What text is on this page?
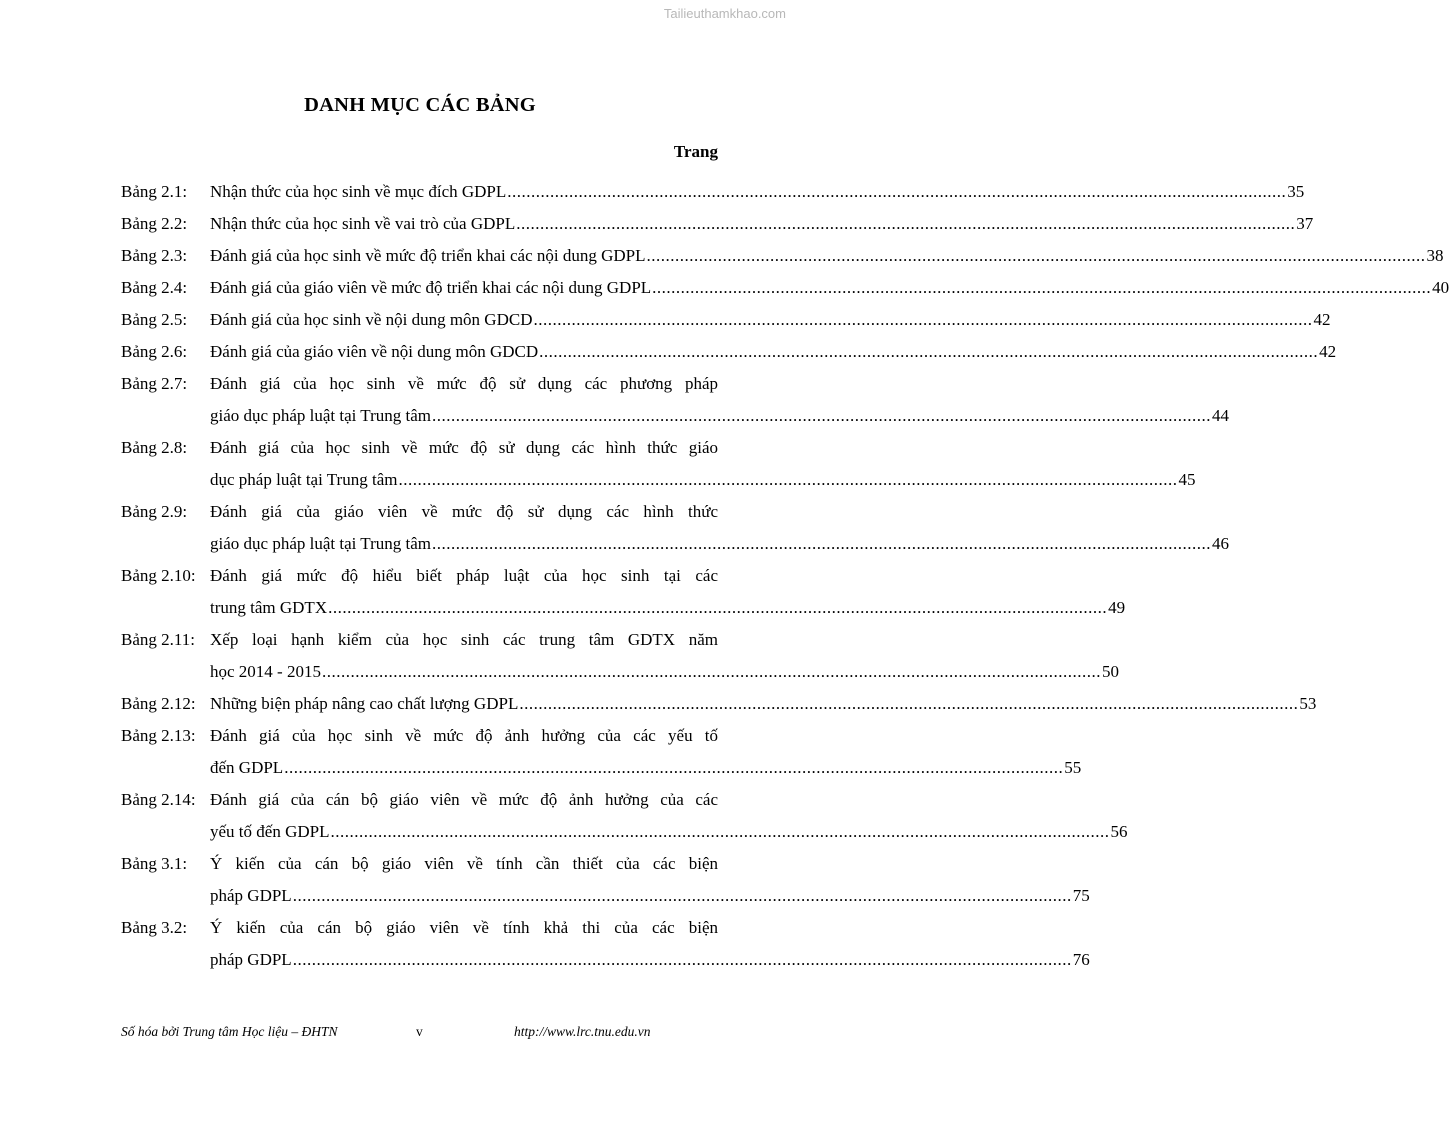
Tailieuthamkhao.com
DANH MỤC CÁC BẢNG
Trang
Bảng 2.1:	Nhận thức của học sinh về mục đích GDPL .................................................................................................................................................................... 35
Bảng 2.2:	Nhận thức của học sinh về vai trò của GDPL .................................................................................................................................................................... 37
Bảng 2.3:	Đánh giá của học sinh về mức độ triển khai các nội dung GDPL .................................................................................................................................................................... 38
Bảng 2.4:	Đánh giá của giáo viên về mức độ triển khai các nội dung GDPL .................................................................................................................................................................... 40
Bảng 2.5:	Đánh giá của học sinh về nội dung môn GDCD .................................................................................................................................................................... 42
Bảng 2.6:	Đánh giá của giáo viên về nội dung môn GDCD .................................................................................................................................................................... 42
Bảng 2.7:	Đánh giá của học sinh về mức độ sử dụng các phương pháp
giáo dục pháp luật tại Trung tâm .................................................................................................................................................................... 44
Bảng 2.8:	Đánh giá của học sinh về mức độ sử dụng các hình thức giáo
dục pháp luật tại Trung tâm .................................................................................................................................................................... 45
Bảng 2.9:	Đánh giá của giáo viên về mức độ sử dụng các hình thức
giáo dục pháp luật tại Trung tâm .................................................................................................................................................................... 46
Bảng 2.10: Đánh giá mức độ hiểu biết pháp luật của học sinh tại các
trung tâm GDTX .................................................................................................................................................................... 49
Bảng 2.11: Xếp loại hạnh kiểm của học sinh các trung tâm GDTX năm
học 2014 - 2015 .................................................................................................................................................................... 50
Bảng 2.12: Những biện pháp nâng cao chất lượng GDPL .................................................................................................................................................................... 53
Bảng 2.13: Đánh giá của học sinh về mức độ ảnh hưởng của các yếu tố
đến GDPL .................................................................................................................................................................... 55
Bảng 2.14: Đánh giá của cán bộ giáo viên về mức độ ảnh hưởng của các
yếu tố đến GDPL .................................................................................................................................................................... 56
Bảng 3.1:	Ý kiến của cán bộ giáo viên về tính cần thiết của các biện
pháp GDPL .................................................................................................................................................................... 75
Bảng 3.2:	Ý kiến của cán bộ giáo viên về tính khả thi của các biện
pháp GDPL .................................................................................................................................................................... 76
Số hóa bởi Trung tâm Học liệu – ĐHTN	v	http://www.lrc.tnu.edu.vn
